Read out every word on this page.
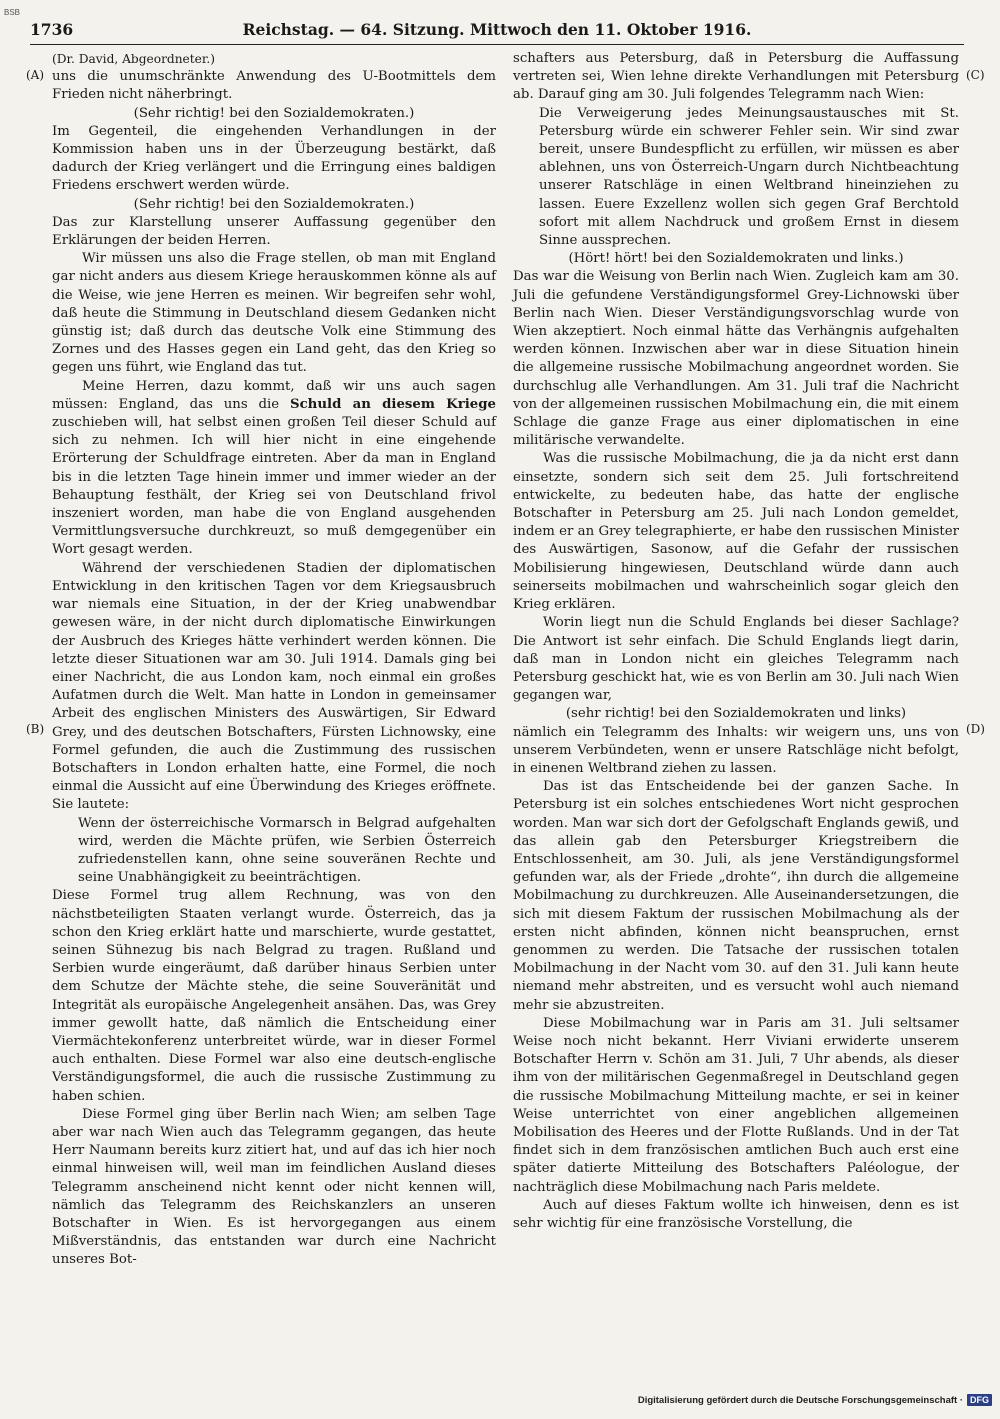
BSB
1736	Reichstag. — 64. Sitzung. Mittwoch den 11. Oktober 1916.
(A)
(B)
(C)
(D)

(Dr. David, Abgeordneter.)

uns die unumschränkte Anwendung des U-Bootmittels dem Frieden nicht näherbringt.

(Sehr richtig! bei den Sozialdemokraten.)

Im Gegenteil, die eingehenden Verhandlungen in der Kommission haben uns in der Überzeugung bestärkt, daß dadurch der Krieg verlängert und die Erringung eines baldigen Friedens erschwert werden würde.

(Sehr richtig! bei den Sozialdemokraten.)

Das zur Klarstellung unserer Auffassung gegenüber den Erklärungen der beiden Herren.

Wir müssen uns also die Frage stellen, ob man mit England gar nicht anders aus diesem Kriege herauskommen könne als auf die Weise, wie jene Herren es meinen. Wir begreifen sehr wohl, daß heute die Stimmung in Deutschland diesem Gedanken nicht günstig ist; daß durch das deutsche Volk eine Stimmung des Zornes und des Hasses gegen ein Land geht, das den Krieg so gegen uns führt, wie England das tut.

Meine Herren, dazu kommt, daß wir uns auch sagen müssen: England, das uns die Schuld an diesem Kriege zuschieben will, hat selbst einen großen Teil dieser Schuld auf sich zu nehmen. Ich will hier nicht in eine eingehende Erörterung der Schuldfrage eintreten. Aber da man in England bis in die letzten Tage hinein immer und immer wieder an der Behauptung festhält, der Krieg sei von Deutschland frivol inszeniert worden, man habe die von England ausgehenden Vermittlungsversuche durchkreuzt, so muß demgegenüber ein Wort gesagt werden.

Während der verschiedenen Stadien der diplomatischen Entwicklung in den kritischen Tagen vor dem Kriegsausbruch war niemals eine Situation, in der der Krieg unabwendbar gewesen wäre, in der nicht durch diplomatische Einwirkungen der Ausbruch des Krieges hätte verhindert werden können. Die letzte dieser Situationen war am 30. Juli 1914. Damals ging bei einer Nachricht, die aus London kam, noch einmal ein großes Aufatmen durch die Welt. Man hatte in London in gemeinsamer Arbeit des englischen Ministers des Auswärtigen, Sir Edward Grey, und des deutschen Botschafters, Fürsten Lichnowsky, eine Formel gefunden, die auch die Zustimmung des russischen Botschafters in London erhalten hatte, eine Formel, die noch einmal die Aussicht auf eine Überwindung des Krieges eröffnete. Sie lautete:

Wenn der österreichische Vormarsch in Belgrad aufgehalten wird, werden die Mächte prüfen, wie Serbien Österreich zufriedenstellen kann, ohne seine souveränen Rechte und seine Unabhängigkeit zu beeinträchtigen.

Diese Formel trug allem Rechnung, was von den nächstbeteiligten Staaten verlangt wurde. Österreich, das ja schon den Krieg erklärt hatte und marschierte, wurde gestattet, seinen Sühnezug bis nach Belgrad zu tragen. Rußland und Serbien wurde eingeräumt, daß darüber hinaus Serbien unter dem Schutze der Mächte stehe, die seine Souveränität und Integrität als europäische Angelegenheit ansähen. Das, was Grey immer gewollt hatte, daß nämlich die Entscheidung einer Viermächtekonferenz unterbreitet würde, war in dieser Formel auch enthalten. Diese Formel war also eine deutsch-englische Verständigungsformel, die auch die russische Zustimmung zu haben schien.

Diese Formel ging über Berlin nach Wien; am selben Tage aber war nach Wien auch das Telegramm gegangen, das heute Herr Naumann bereits kurz zitiert hat, und auf das ich hier noch einmal hinweisen will, weil man im feindlichen Ausland dieses Telegramm anscheinend nicht kennt oder nicht kennen will, nämlich das Telegramm des Reichskanzlers an unseren Botschafter in Wien. Es ist hervorgegangen aus einem Mißverständnis, das entstanden war durch eine Nachricht unseres Bot-

schafters aus Petersburg, daß in Petersburg die Auffassung vertreten sei, Wien lehne direkte Verhandlungen mit Petersburg ab. Darauf ging am 30. Juli folgendes Telegramm nach Wien:

Die Verweigerung jedes Meinungsaustausches mit St. Petersburg würde ein schwerer Fehler sein. Wir sind zwar bereit, unsere Bundespflicht zu erfüllen, wir müssen es aber ablehnen, uns von Österreich-Ungarn durch Nichtbeachtung unserer Ratschläge in einen Weltbrand hineinziehen zu lassen. Euere Exzellenz wollen sich gegen Graf Berchtold sofort mit allem Nachdruck und großem Ernst in diesem Sinne aussprechen.

(Hört! hört! bei den Sozialdemokraten und links.)

Das war die Weisung von Berlin nach Wien. Zugleich kam am 30. Juli die gefundene Verständigungsformel Grey-Lichnowski über Berlin nach Wien. Dieser Verständigungsvorschlag wurde von Wien akzeptiert. Noch einmal hätte das Verhängnis aufgehalten werden können. Inzwischen aber war in diese Situation hinein die allgemeine russische Mobilmachung angeordnet worden. Sie durchschlug alle Verhandlungen. Am 31. Juli traf die Nachricht von der allgemeinen russischen Mobilmachung ein, die mit einem Schlage die ganze Frage aus einer diplomatischen in eine militärische verwandelte.

Was die russische Mobilmachung, die ja da nicht erst dann einsetzte, sondern sich seit dem 25. Juli fortschreitend entwickelte, zu bedeuten habe, das hatte der englische Botschafter in Petersburg am 25. Juli nach London gemeldet, indem er an Grey telegraphierte, er habe den russischen Minister des Auswärtigen, Sasonow, auf die Gefahr der russischen Mobilisierung hingewiesen, Deutschland würde dann auch seinerseits mobilmachen und wahrscheinlich sogar gleich den Krieg erklären.

Worin liegt nun die Schuld Englands bei dieser Sachlage? Die Antwort ist sehr einfach. Die Schuld Englands liegt darin, daß man in London nicht ein gleiches Telegramm nach Petersburg geschickt hat, wie es von Berlin am 30. Juli nach Wien gegangen war,

(sehr richtig! bei den Sozialdemokraten und links)

nämlich ein Telegramm des Inhalts: wir weigern uns, uns von unserem Verbündeten, wenn er unsere Ratschläge nicht befolgt, in einenen Weltbrand ziehen zu lassen.

Das ist das Entscheidende bei der ganzen Sache. In Petersburg ist ein solches entschiedenes Wort nicht gesprochen worden. Man war sich dort der Gefolgschaft Englands gewiß, und das allein gab den Petersburger Kriegstreibern die Entschlossenheit, am 30. Juli, als jene Verständigungsformel gefunden war, als der Friede „drohte“, ihn durch die allgemeine Mobilmachung zu durchkreuzen. Alle Auseinandersetzungen, die sich mit diesem Faktum der russischen Mobilmachung als der ersten nicht abfinden, können nicht beanspruchen, ernst genommen zu werden. Die Tatsache der russischen totalen Mobilmachung in der Nacht vom 30. auf den 31. Juli kann heute niemand mehr abstreiten, und es versucht wohl auch niemand mehr sie abzustreiten.

Diese Mobilmachung war in Paris am 31. Juli seltsamer Weise noch nicht bekannt. Herr Viviani erwiderte unserem Botschafter Herrn v. Schön am 31. Juli, 7 Uhr abends, als dieser ihm von der militärischen Gegenmaßregel in Deutschland gegen die russische Mobilmachung Mitteilung machte, er sei in keiner Weise unterrichtet von einer angeblichen allgemeinen Mobilisation des Heeres und der Flotte Rußlands. Und in der Tat findet sich in dem französischen amtlichen Buch auch erst eine später datierte Mitteilung des Botschafters Paléologue, der nachträglich diese Mobilmachung nach Paris meldete.

Auch auf dieses Faktum wollte ich hinweisen, denn es ist sehr wichtig für eine französische Vorstellung, die

Digitalisierung gefördert durch die Deutsche Forschungsgemeinschaft · DFG
